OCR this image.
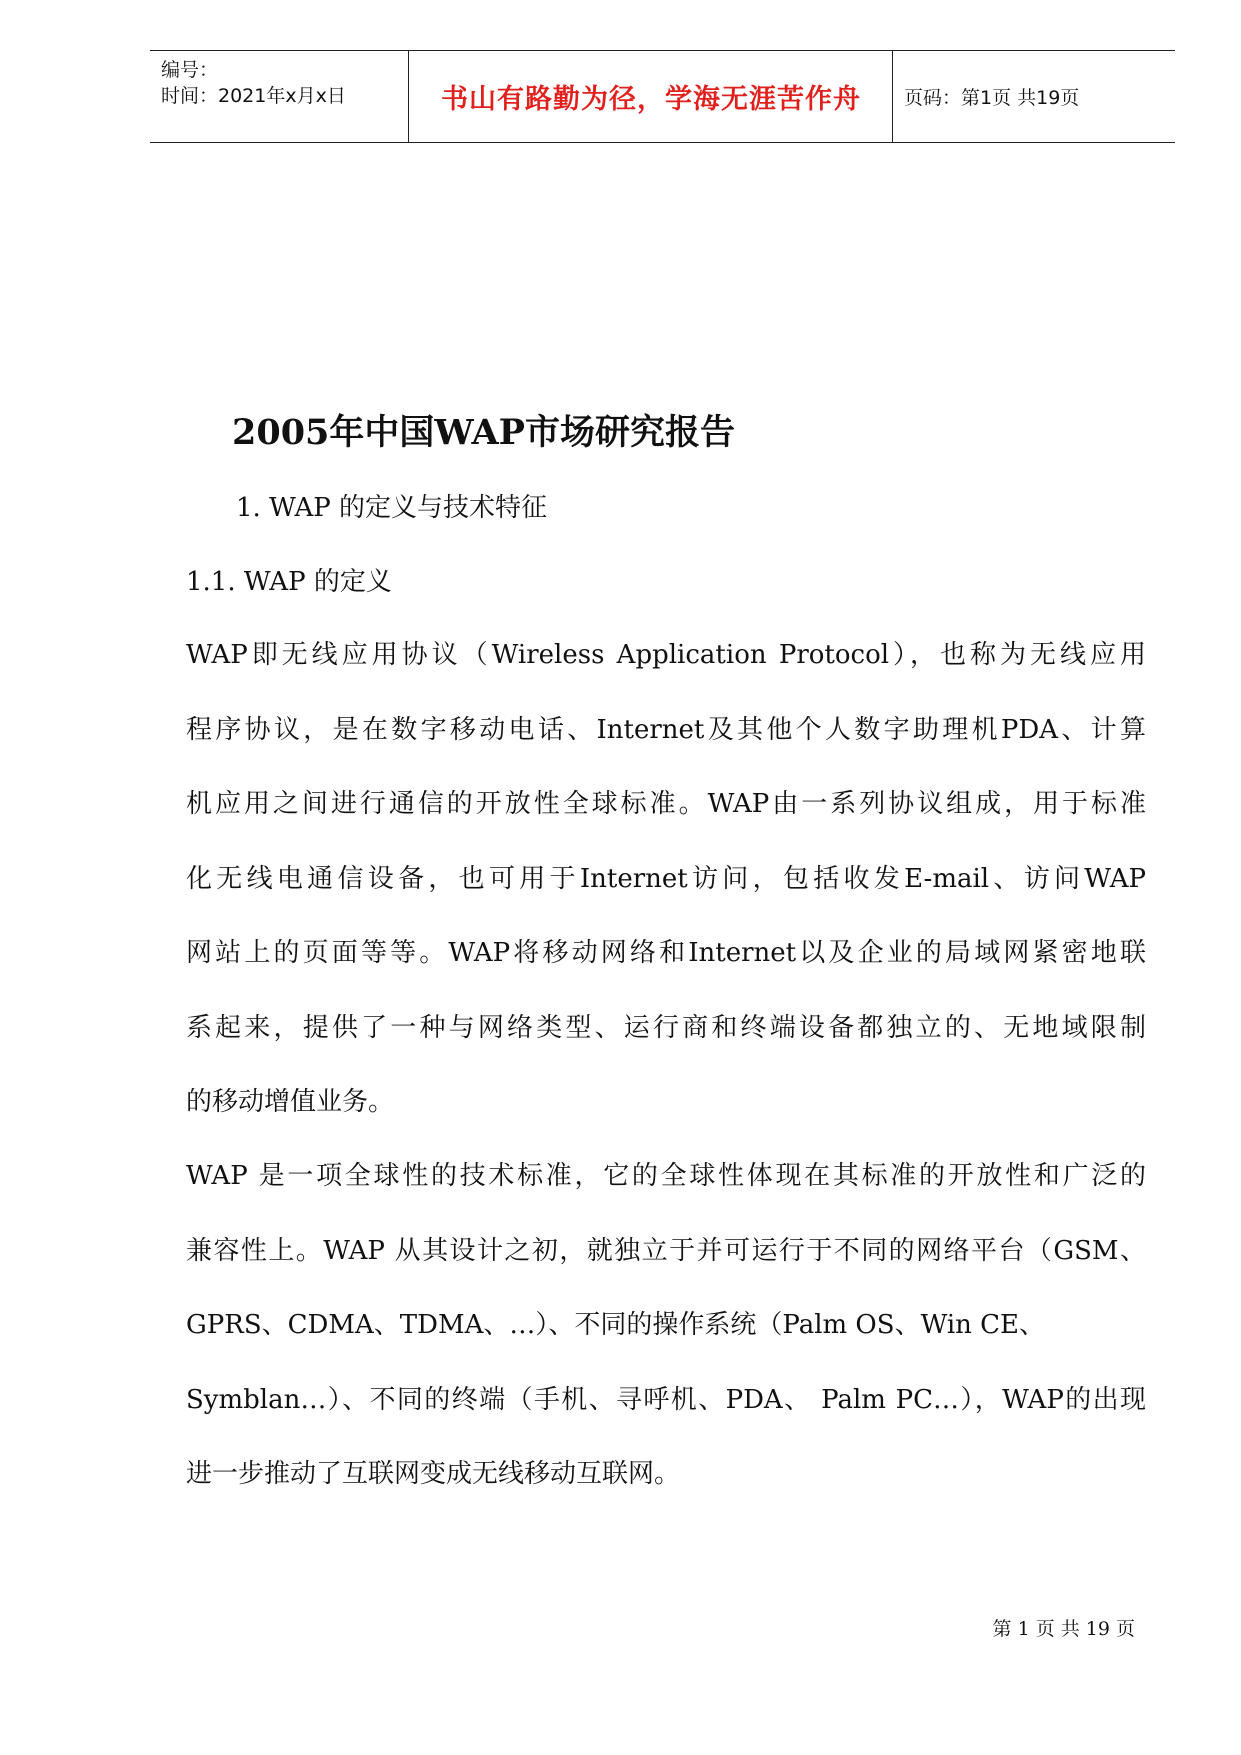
编号：
时间：2021年x月x日	书山有路勤为径，学海无涯苦作舟	页码：第1页 共19页
2005年中国WAP市场研究报告
1. WAP 的定义与技术特征
1.1. WAP 的定义
WAP即无线应用协议（Wireless Application Protocol），也称为无线应用
程序协议，是在数字移动电话、Internet及其他个人数字助理机PDA、计算
机应用之间进行通信的开放性全球标准。WAP由一系列协议组成，用于标准
化无线电通信设备，也可用于Internet访问，包括收发E-mail、访问WAP
网站上的页面等等。WAP将移动网络和Internet以及企业的局域网紧密地联
系起来，提供了一种与网络类型、运行商和终端设备都独立的、无地域限制
的移动增值业务。
WAP 是一项全球性的技术标准，它的全球性体现在其标准的开放性和广泛的
兼容性上。WAP 从其设计之初，就独立于并可运行于不同的网络平台（GSM、
GPRS、CDMA、TDMA、…）、不同的操作系统（Palm OS、Win CE、
Symblan…）、不同的终端（手机、寻呼机、PDA、 Palm PC…），WAP的出现
进一步推动了互联网变成无线移动互联网。
第 1 页 共 19 页
